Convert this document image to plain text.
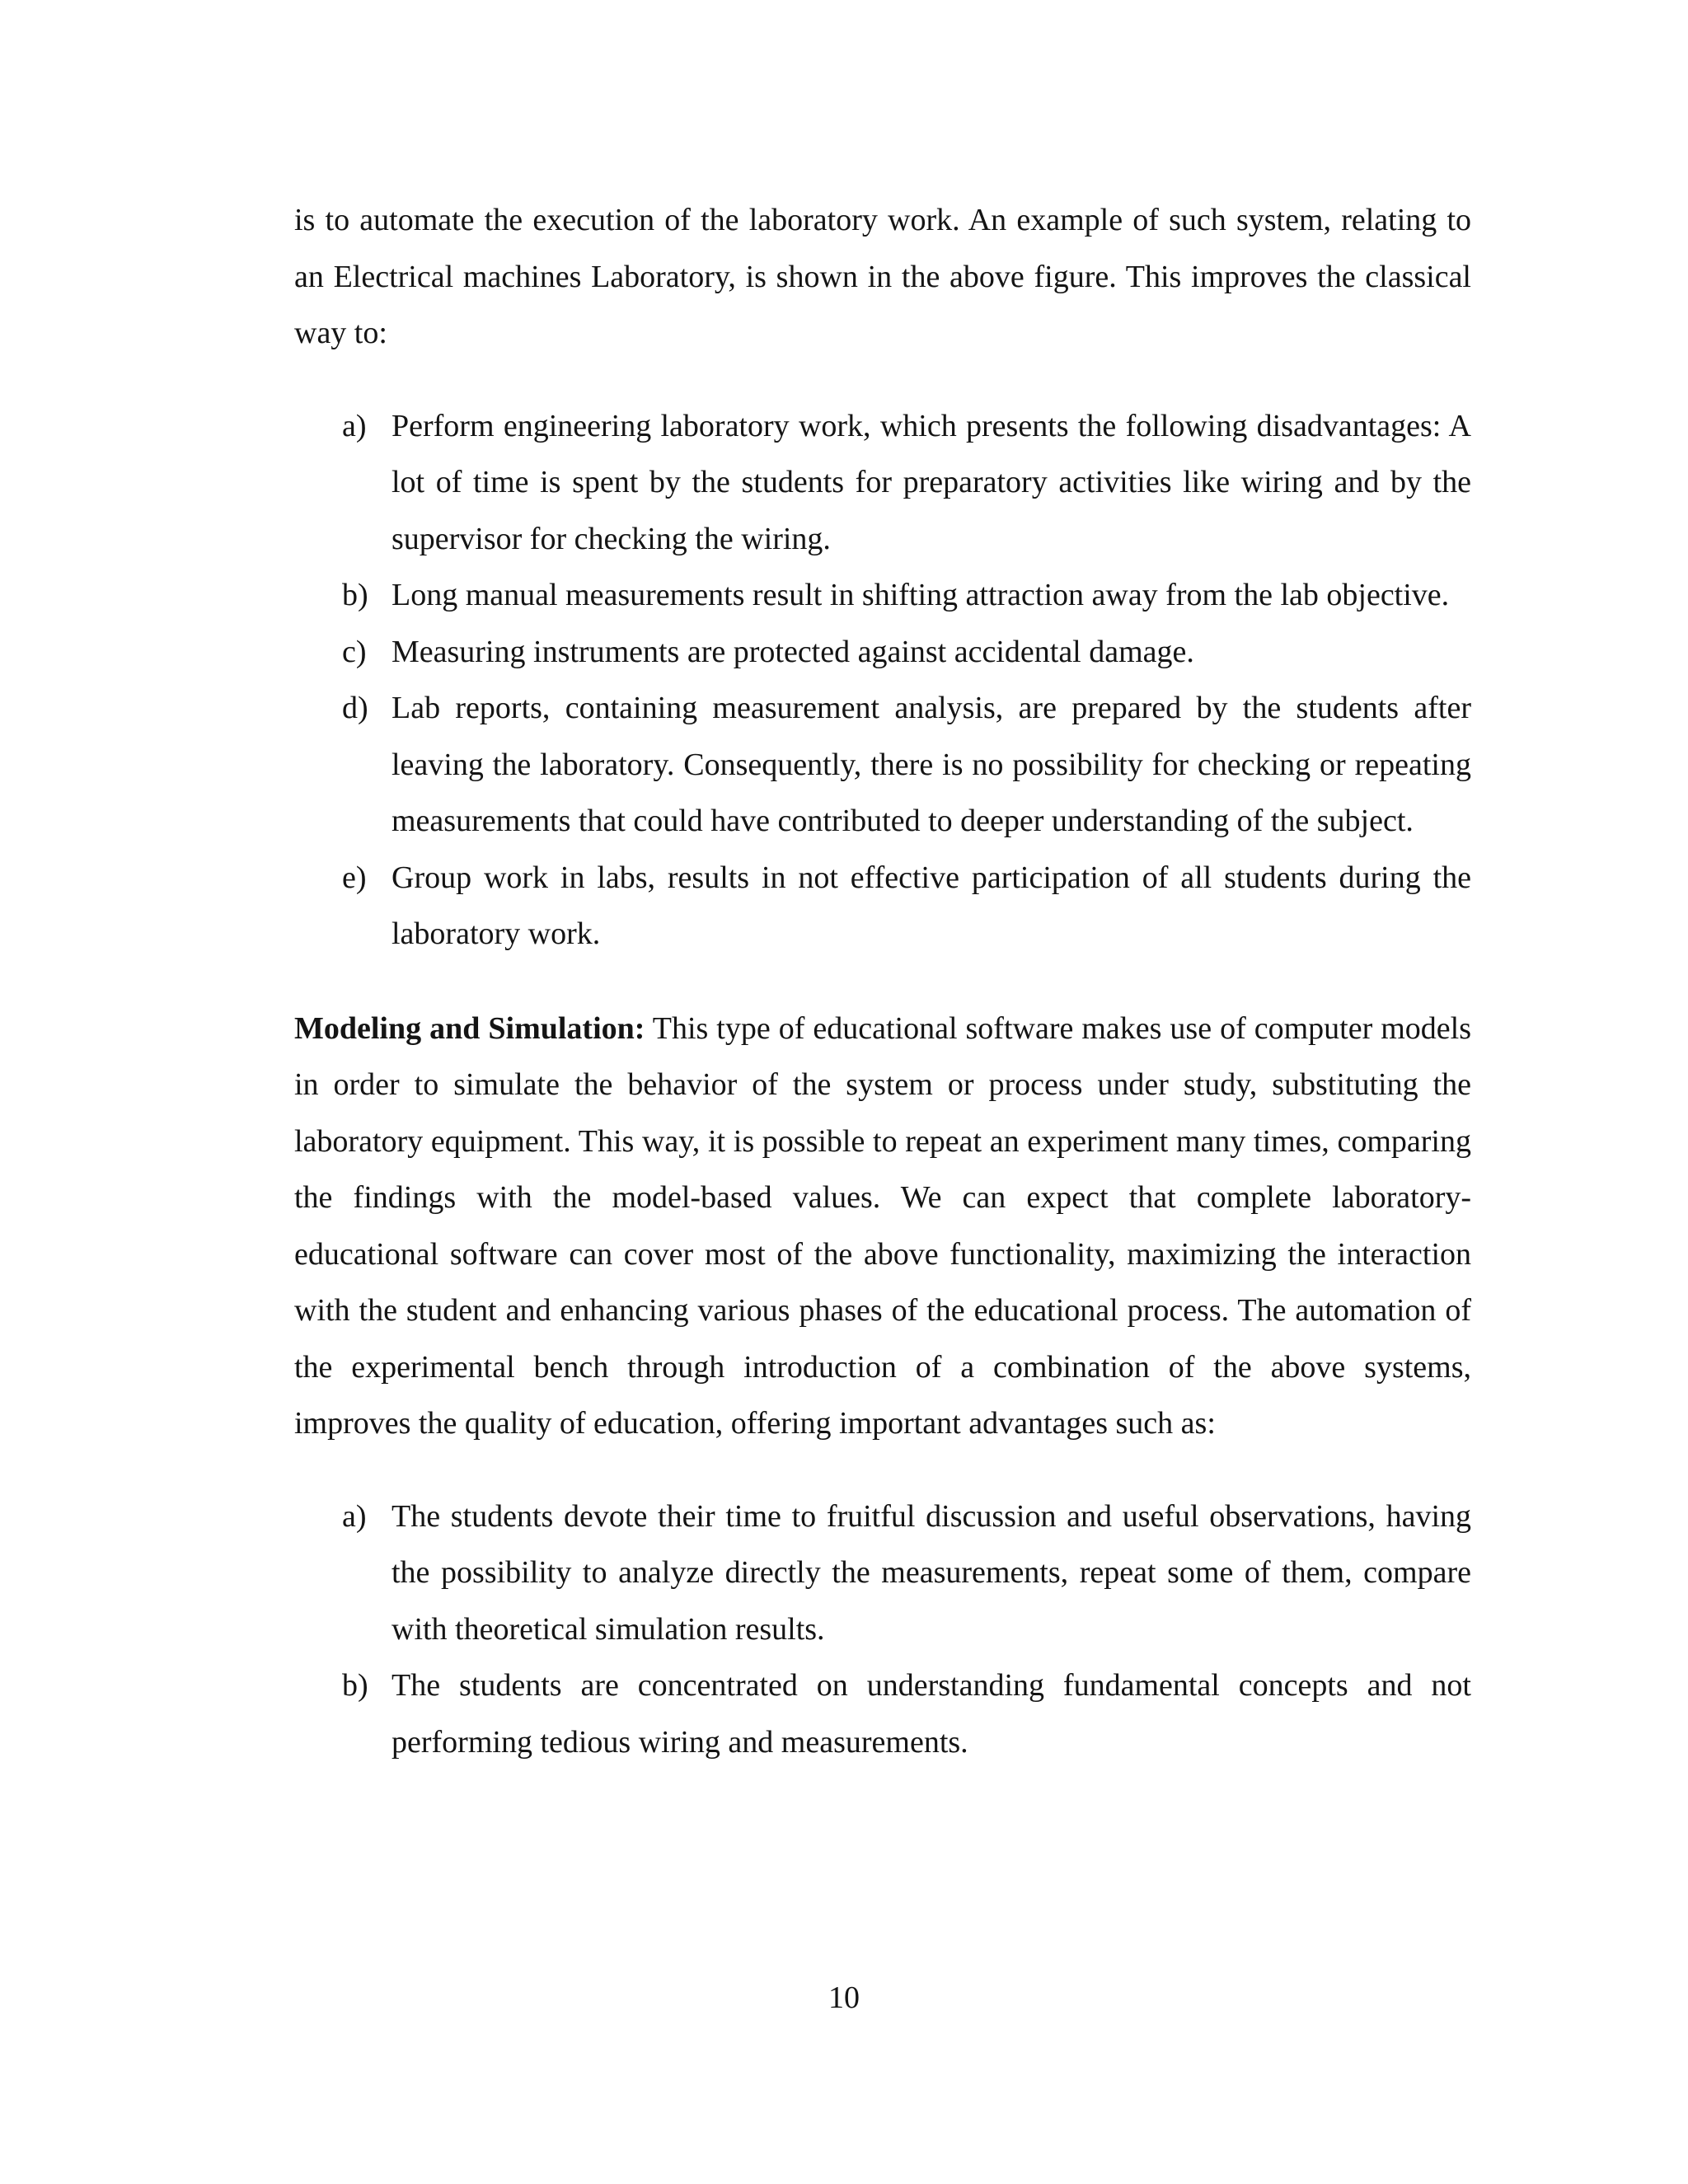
is to automate the execution of the laboratory work. An example of such system, relating to an Electrical machines Laboratory, is shown in the above figure. This improves the classical way to:

a) Perform engineering laboratory work, which presents the following disadvantages: A lot of time is spent by the students for preparatory activities like wiring and by the supervisor for checking the wiring.
b) Long manual measurements result in shifting attraction away from the lab objective.
c) Measuring instruments are protected against accidental damage.
d) Lab reports, containing measurement analysis, are prepared by the students after leaving the laboratory. Consequently, there is no possibility for checking or repeating measurements that could have contributed to deeper understanding of the subject.
e) Group work in labs, results in not effective participation of all students during the laboratory work.

Modeling and Simulation: This type of educational software makes use of computer models in order to simulate the behavior of the system or process under study, substituting the laboratory equipment. This way, it is possible to repeat an experiment many times, comparing the findings with the model-based values. We can expect that complete laboratory-educational software can cover most of the above functionality, maximizing the interaction with the student and enhancing various phases of the educational process. The automation of the experimental bench through introduction of a combination of the above systems, improves the quality of education, offering important advantages such as:

a) The students devote their time to fruitful discussion and useful observations, having the possibility to analyze directly the measurements, repeat some of them, compare with theoretical simulation results.
b) The students are concentrated on understanding fundamental concepts and not performing tedious wiring and measurements.
10
